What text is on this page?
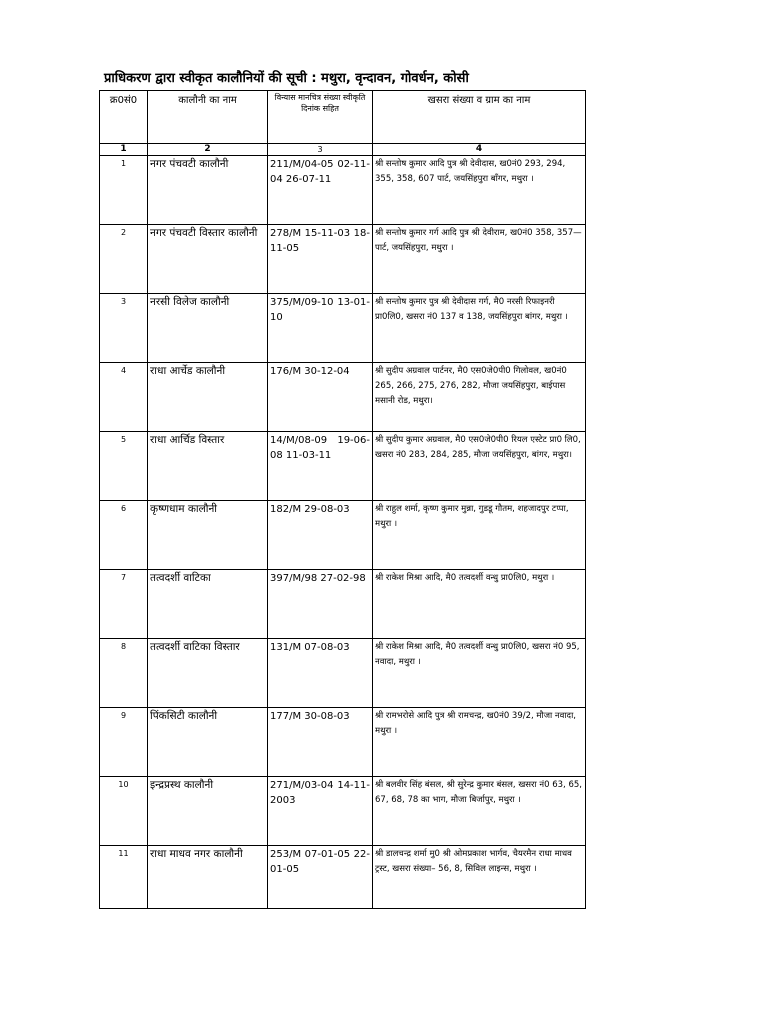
प्राधिकरण द्वारा स्वीकृत कालौनियों की सूची : मथुरा, वृन्दावन, गोवर्धन, कोसी
क्र0सं0	कालौनी का नाम	विन्यास मानचित्र संख्या स्वीकृति दिनांक सहित	खसरा संख्या व ग्राम का नाम
1	2	3	4
1	नगर पंचवटी कालौनी	211/M/04-05 02-11-04 26-07-11	श्री सन्तोष कुमार आदि पुत्र श्री देवीदास, ख0नं0 293, 294, 355, 358, 607 पार्ट, जयसिंहपुरा बॉंगर, मथुरा ।
2	नगर पंचवटी विस्तार कालौनी	278/M 15-11-03 18-11-05	श्री सन्तोष कुमार गर्ग आदि पुत्र श्री देवीराम, ख0नं0 358, 357—पार्ट, जयसिंहपुरा, मथुरा ।
3	नरसी विलेज कालौनी	375/M/09-10 13-01-10	श्री सन्तोष कुमार पुत्र श्री देवीदास गर्ग, मै0 नरसी रिफाइनरी प्रा0लि0, खसरा नं0 137 व 138, जयसिंहपुरा बांगर, मथुरा ।
4	राधा आर्चेड कालौनी	176/M 30-12-04	श्री सुदीप अग्रवाल पार्टनर, मै0 एस0जे0पी0 गिलोवल, ख0नं0 265, 266, 275, 276, 282, मौजा जयसिंहपुरा, बाईपास मसानी रोड, मथुरा।
5	राधा आर्चिड विस्तार	14/M/08-09 19-06-08 11-03-11	श्री सुदीप कुमार अग्रवाल, मै0 एस0जे0पी0 रियल एस्टेट प्रा0 लि0, खसरा नं0 283, 284, 285, मौजा जयसिंहपुरा, बांगर, मथुरा।
6	कृष्णधाम कालौनी	182/M 29-08-03	श्री राहुल शर्मा, कृष्ण कुमार मुन्ना, गुडडू गौतम, शहजादपुर टप्पा, मथुरा ।
7	तत्वदर्शी वाटिका	397/M/98 27-02-98	श्री राकेश मिश्रा आदि, मै0 तत्वदर्शी वन्धु प्रा0लि0, मथुरा ।
8	तत्वदर्शी वाटिका विस्तार	131/M 07-08-03	श्री राकेश मिश्रा आदि, मै0 तत्वदर्शी वन्धु प्रा0लि0, खसरा नं0 95, नवादा, मथुरा ।
9	पिंकसिटी कालौनी	177/M 30-08-03	श्री रामभरोसे आदि पुत्र श्री रामचन्द्र, ख0नं0 39/2, मौजा नवादा, मथुरा ।
10	इन्द्रप्रस्थ कालौनी	271/M/03-04 14-11-2003	श्री बलवीर सिंह बंसल, श्री सुरेन्द्र कुमार बंसल, खसरा नं0 63, 65, 67, 68, 78 का भाग, मौजा बिर्जापुर, मथुरा ।
11	राधा माधव नगर कालौनी	253/M 07-01-05 22-01-05	श्री डालचन्द्र शर्मा मु0 श्री ओमप्रकाश भार्गव, चैयरमैन राधा माधव ट्रस्ट, खसरा संख्या– 56, 8, सिविल लाइन्स, मथुरा ।
